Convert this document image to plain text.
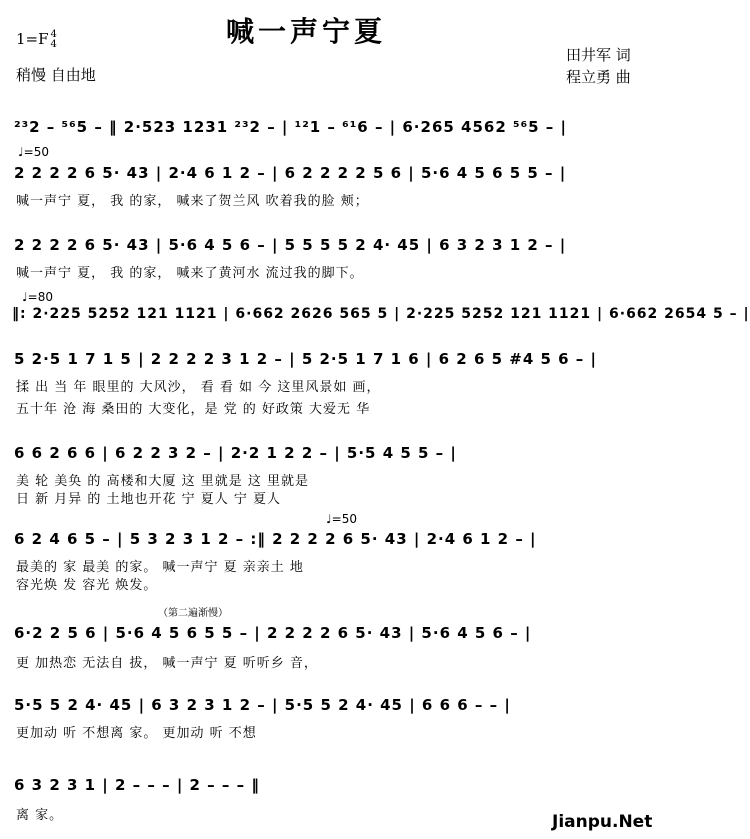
1=F 4
4	喊一声宁夏
稍慢 自由地
田井军 词
程立勇 曲
²³2 – ⁵⁶5 – ‖ 2·523 1231 ²³2 – | ¹²1 – ⁶¹6 – | 6·265 4562 ⁵⁶5 – |
♩=50
2 2 2 2 6 5· 43 | 2·4 6 1 2 – | 6 2 2 2 2 5 6 | 5·6 4 5 6 5 5 – |
喊一声宁 夏， 我 的家， 喊来了贺兰风 吹着我的脸 颊；
2 2 2 2 6 5· 43 | 5·6 4 5 6 – | 5 5 5 5 2 4· 45 | 6 3 2 3 1 2 – |
喊一声宁 夏， 我 的家， 喊来了黄河水 流过我的脚下。
♩=80
‖: 2·225 5252 121 1121 | 6·662 2626 565 5 | 2·225 5252 121 1121 | 6·662 2654 5 – |
5 2·5 1 7 1 5 | 2 2 2 2 3 1 2 – | 5 2·5 1 7 1 6 | 6 2 6 5 #4 5 6 – |
揉 出 当 年 眼里的 大风沙， 看 看 如 今 这里风景如 画，
五十年 沧 海 桑田的 大变化，是 党 的 好政策 大爱无 华
6 6 2 6 6 | 6 2 2 3 2 – | 2·2 1 2 2 – | 5·5 4 5 5 – |
美 轮 美奂 的 高楼和大厦 这 里就是 这 里就是
日 新 月异 的 土地也开花 宁 夏人 宁 夏人
♩=50
6 2 4 6 5 – | 5 3 2 3 1 2 – :‖ 2 2 2 2 6 5· 43 | 2·4 6 1 2 – |
最美的 家 最美 的家。 喊一声宁 夏 亲亲土 地
容光焕 发 容光 焕发。
（第二遍渐慢）
6·2 2 5 6 | 5·6 4 5 6 5 5 – | 2 2 2 2 6 5· 43 | 5·6 4 5 6 – |
更 加热恋 无法自 拔， 喊一声宁 夏 听听乡 音，
5·5 5 2 4· 45 | 6 3 2 3 1 2 – | 5·5 5 2 4· 45 | 6 6 6 – – |
更加动 听 不想离 家。 更加动 听 不想
6 3 2 3 1 | 2 – – – | 2 – – – ‖
离 家。	Jianpu.Net
